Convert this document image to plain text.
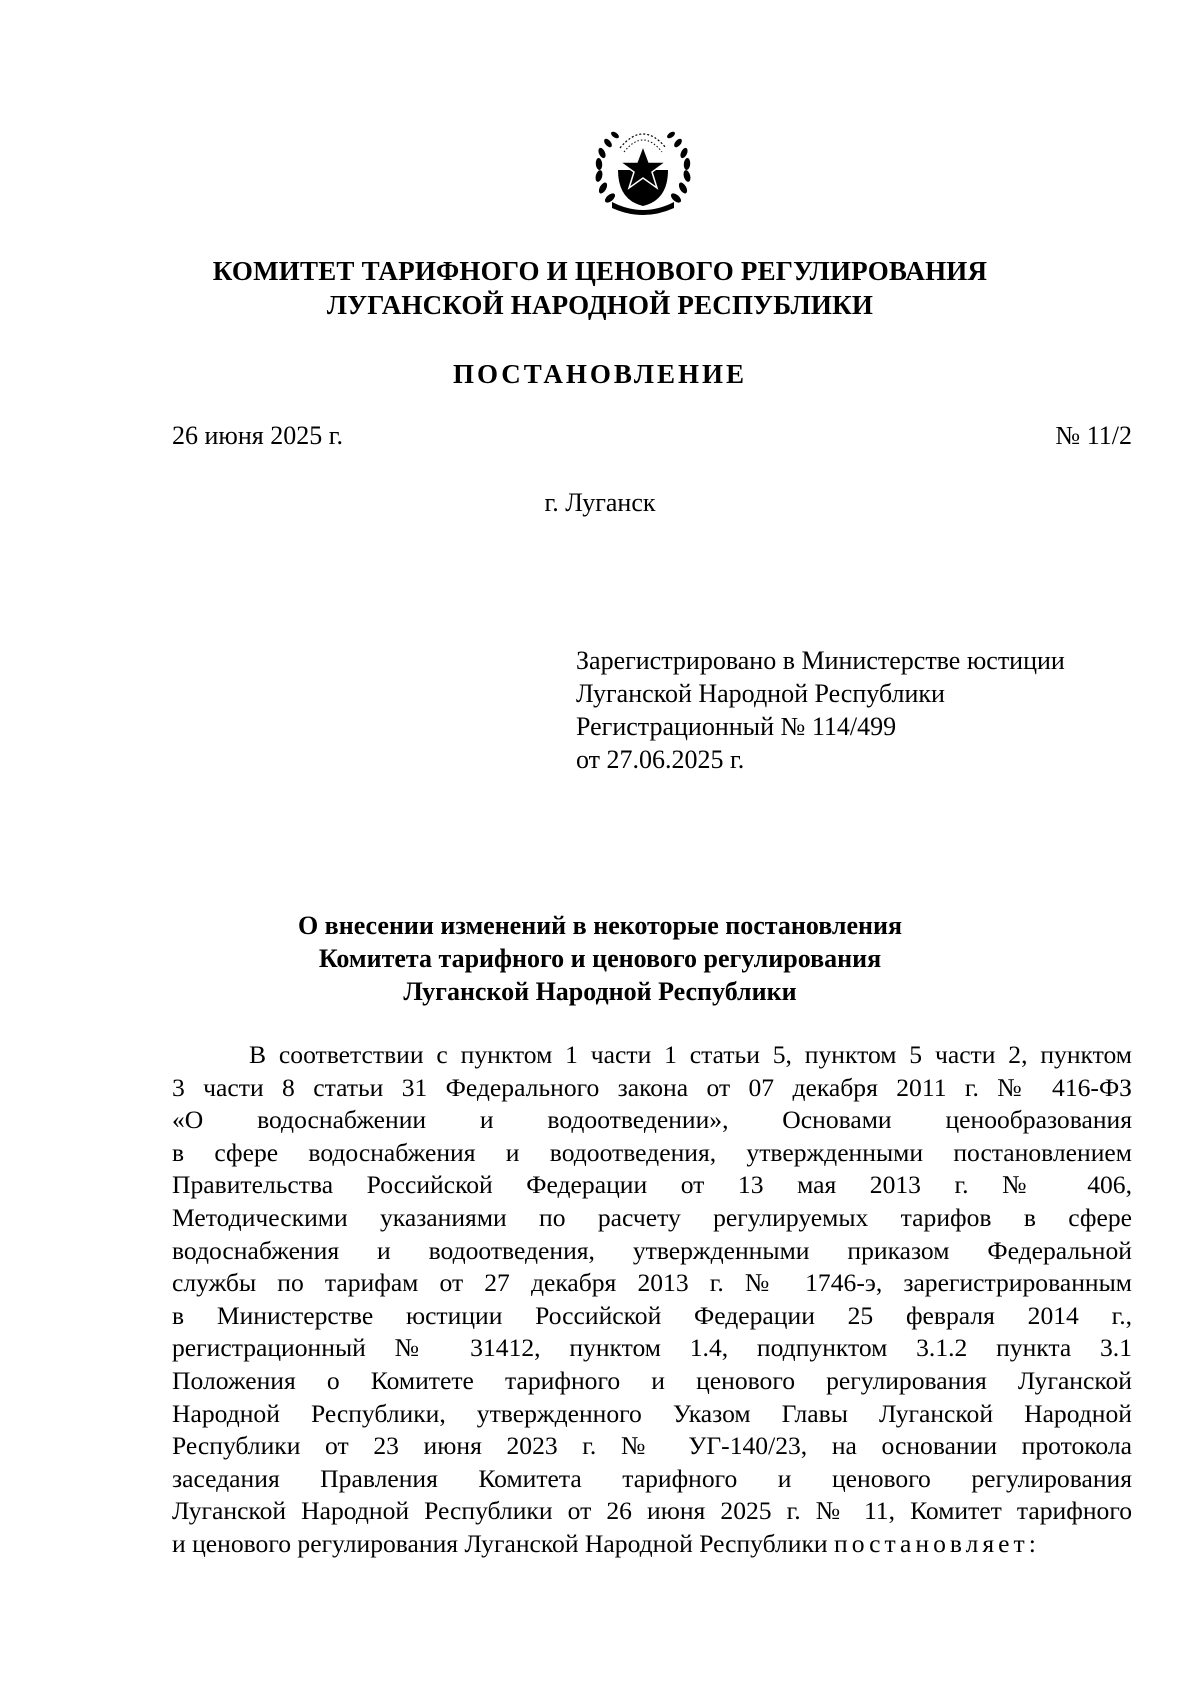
КОМИТЕТ ТАРИФНОГО И ЦЕНОВОГО РЕГУЛИРОВАНИЯ
ЛУГАНСКОЙ НАРОДНОЙ РЕСПУБЛИКИ
ПОСТАНОВЛЕНИЕ
26 июня 2025 г.	№ 11/2
г. Луганск
Зарегистрировано в Министерстве юстиции
Луганской Народной Республики
Регистрационный № 114/499
от 27.06.2025 г.
О внесении изменений в некоторые постановления
Комитета тарифного и ценового регулирования
Луганской Народной Республики
В соответствии с пунктом 1 части 1 статьи 5, пунктом 5 части 2, пунктом
3 части 8 статьи 31 Федерального закона от 07 декабря 2011 г. № 416-ФЗ
«О водоснабжении и водоотведении», Основами ценообразования
в сфере водоснабжения и водоотведения, утвержденными постановлением
Правительства Российской Федерации от 13 мая 2013 г. № 406,
Методическими указаниями по расчету регулируемых тарифов в сфере
водоснабжения и водоотведения, утвержденными приказом Федеральной
службы по тарифам от 27 декабря 2013 г. № 1746-э, зарегистрированным
в Министерстве юстиции Российской Федерации 25 февраля 2014 г.,
регистрационный № 31412, пунктом 1.4, подпунктом 3.1.2 пункта 3.1
Положения о Комитете тарифного и ценового регулирования Луганской
Народной Республики, утвержденного Указом Главы Луганской Народной
Республики от 23 июня 2023 г. № УГ-140/23, на основании протокола
заседания Правления Комитета тарифного и ценового регулирования
Луганской Народной Республики от 26 июня 2025 г. № 11, Комитет тарифного
и ценового регулирования Луганской Народной Республики постановляет:
